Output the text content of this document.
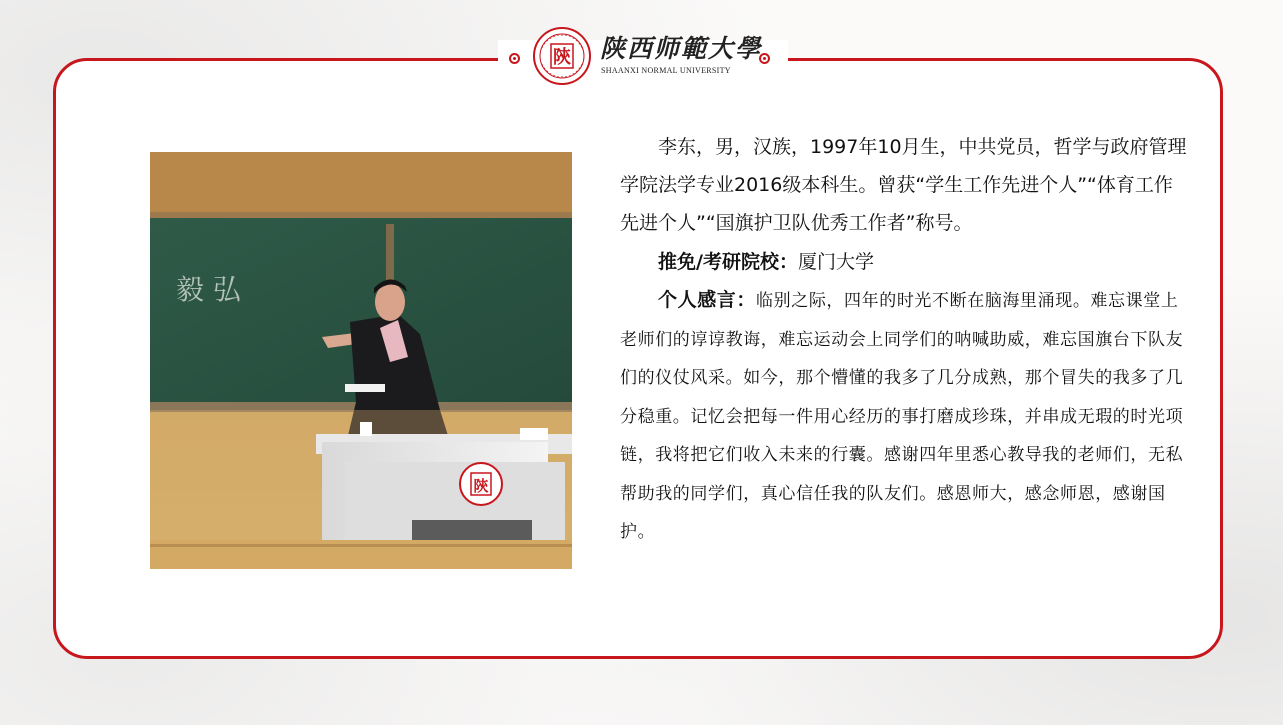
陝 陕西师範大學
SHAANXI NORMAL UNIVERSITY
毅 弘
陝

李东，男，汉族，1997年10月生，中共党员，哲学与政府管理学院法学专业2016级本科生。曾获“学生工作先进个人”“体育工作先进个人”“国旗护卫队优秀工作者”称号。

推免/考研院校：厦门大学

个人感言：临别之际，四年的时光不断在脑海里涌现。难忘课堂上老师们的谆谆教诲，难忘运动会上同学们的呐喊助威，难忘国旗台下队友们的仪仗风采。如今，那个懵懂的我多了几分成熟，那个冒失的我多了几分稳重。记忆会把每一件用心经历的事打磨成珍珠，并串成无瑕的时光项链，我将把它们收入未来的行囊。感谢四年里悉心教导我的老师们，无私帮助我的同学们，真心信任我的队友们。感恩师大，感念师恩，感谢国护。
